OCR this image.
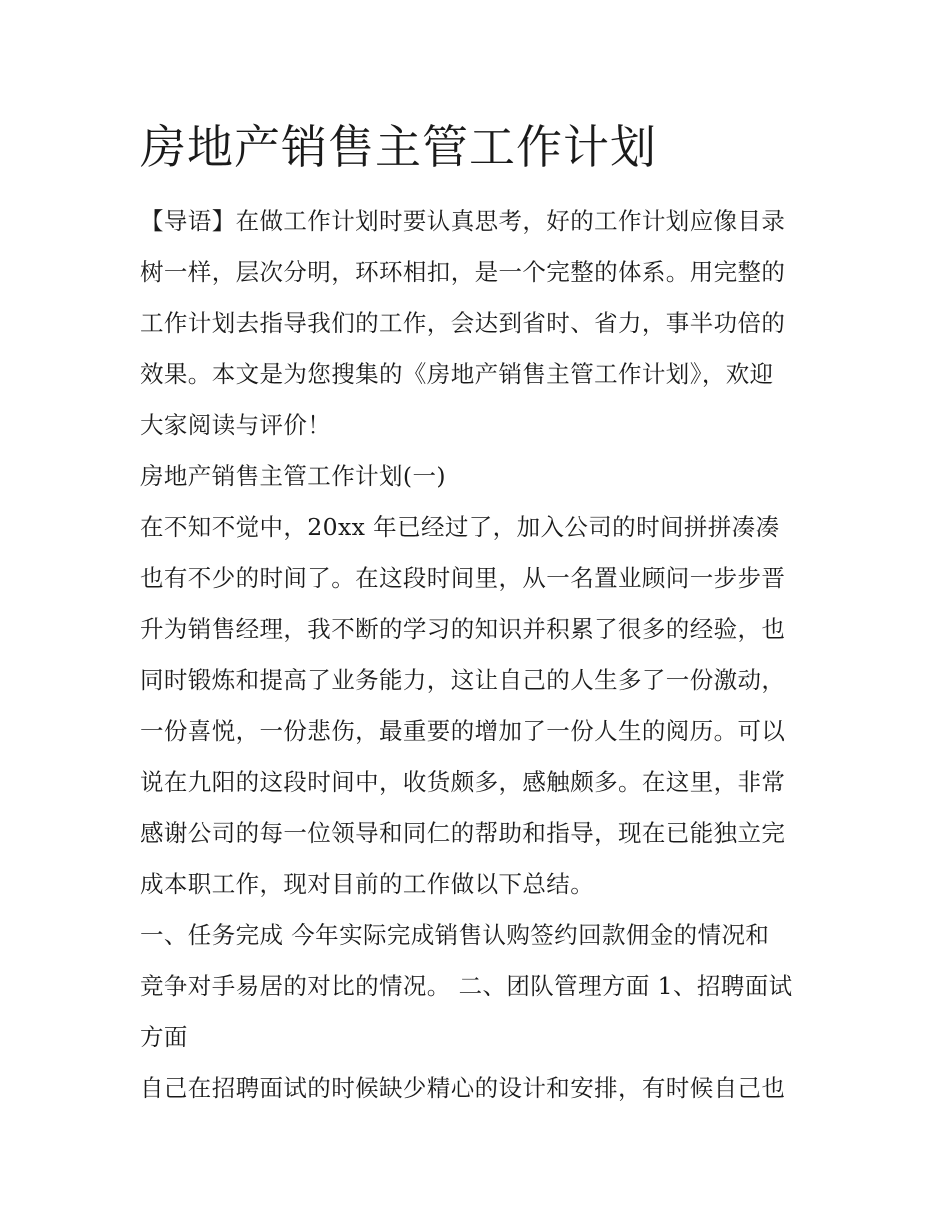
房地产销售主管工作计划
【导语】在做工作计划时要认真思考，好的工作计划应像目录
树一样，层次分明，环环相扣，是一个完整的体系。用完整的
工作计划去指导我们的工作，会达到省时、省力，事半功倍的
效果。本文是为您搜集的《房地产销售主管工作计划》，欢迎
大家阅读与评价！
房地产销售主管工作计划(一)
在不知不觉中，20xx 年已经过了，加入公司的时间拼拼凑凑
也有不少的时间了。在这段时间里，从一名置业顾问一步步晋
升为销售经理，我不断的学习的知识并积累了很多的经验，也
同时锻炼和提高了业务能力，这让自己的人生多了一份激动，
一份喜悦，一份悲伤，最重要的增加了一份人生的阅历。可以
说在九阳的这段时间中，收货颇多，感触颇多。在这里，非常
感谢公司的每一位领导和同仁的帮助和指导，现在已能独立完
成本职工作，现对目前的工作做以下总结。
一、任务完成 今年实际完成销售认购签约回款佣金的情况和
竞争对手易居的对比的情况。 二、团队管理方面 1、招聘面试
方面
自己在招聘面试的时候缺少精心的设计和安排，有时候自己也
